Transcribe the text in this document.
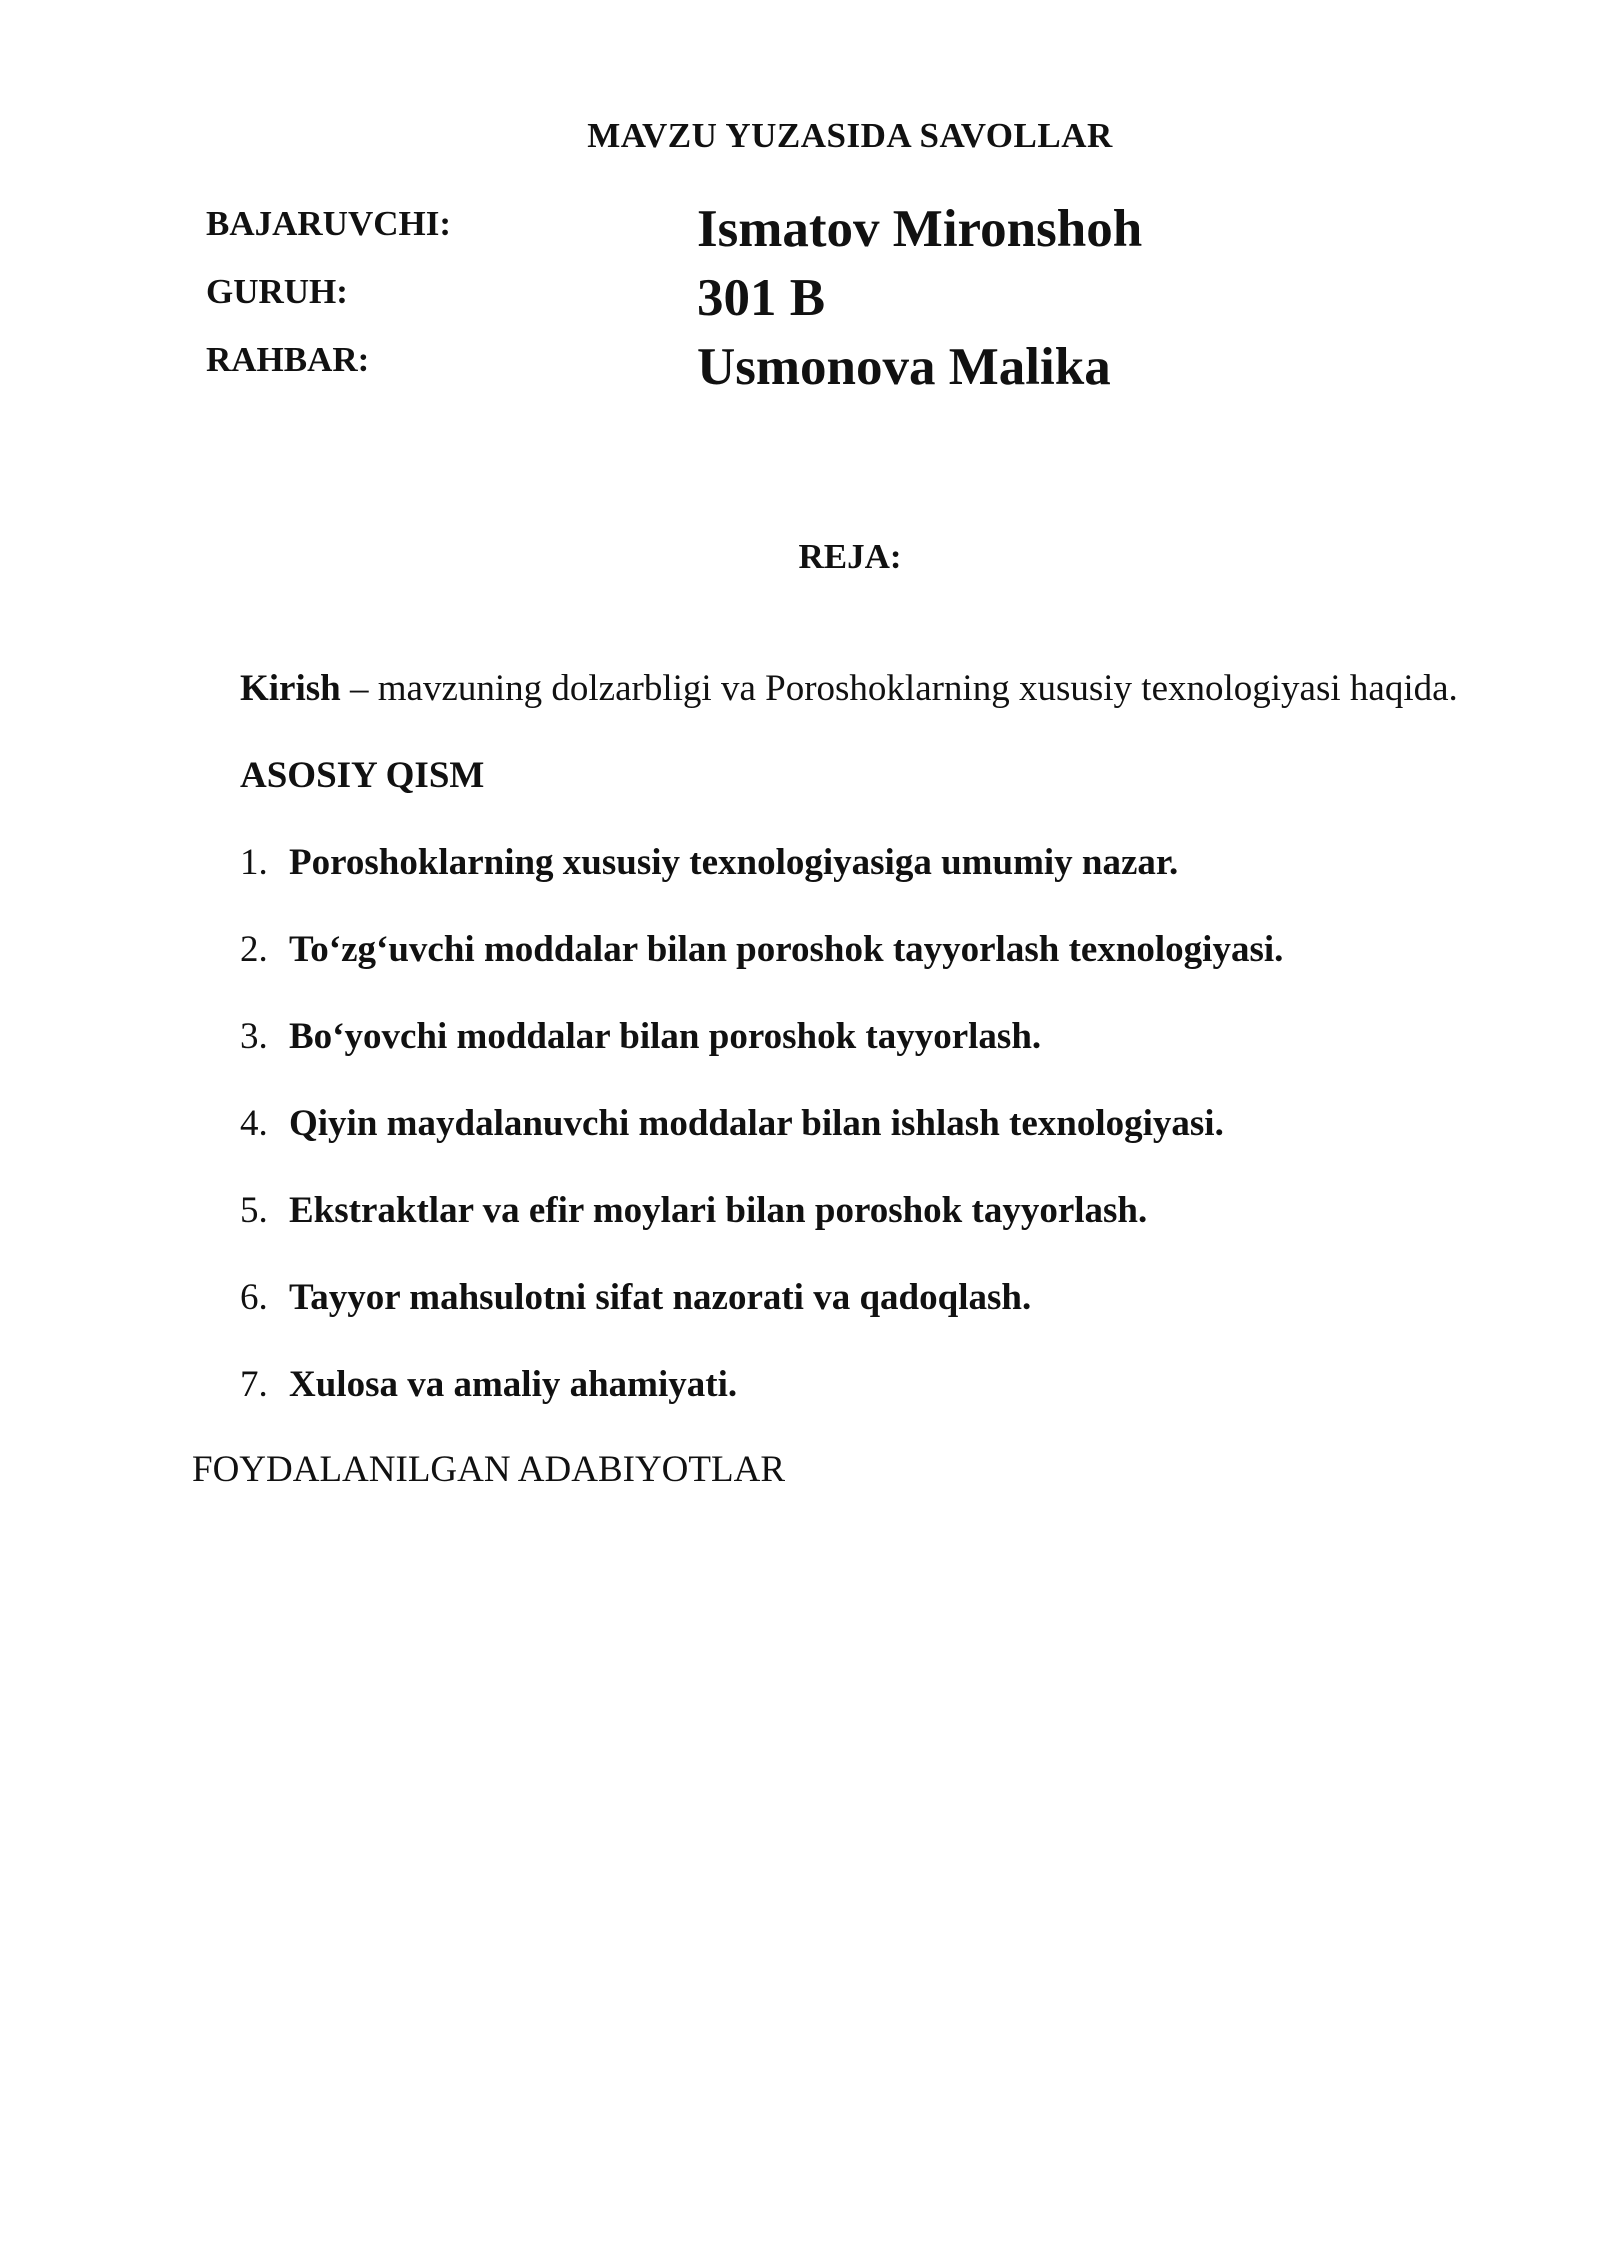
MAVZU YUZASIDA SAVOLLAR
BAJARUVCHI:	Ismatov Mironshoh
GURUH:	301 B
RAHBAR:	Usmonova Malika
REJA:
Kirish – mavzuning dolzarbligi va Poroshoklarning xususiy texnologiyasi haqida.
ASOSIY QISM
1. Poroshoklarning xususiy texnologiyasiga umumiy nazar.
2. To‘zg‘uvchi moddalar bilan poroshok tayyorlash texnologiyasi.
3. Bo‘yovchi moddalar bilan poroshok tayyorlash.
4. Qiyin maydalanuvchi moddalar bilan ishlash texnologiyasi.
5. Ekstraktlar va efir moylari bilan poroshok tayyorlash.
6. Tayyor mahsulotni sifat nazorati va qadoqlash.
7. Xulosa va amaliy ahamiyati.
FOYDALANILGAN ADABIYOTLAR
